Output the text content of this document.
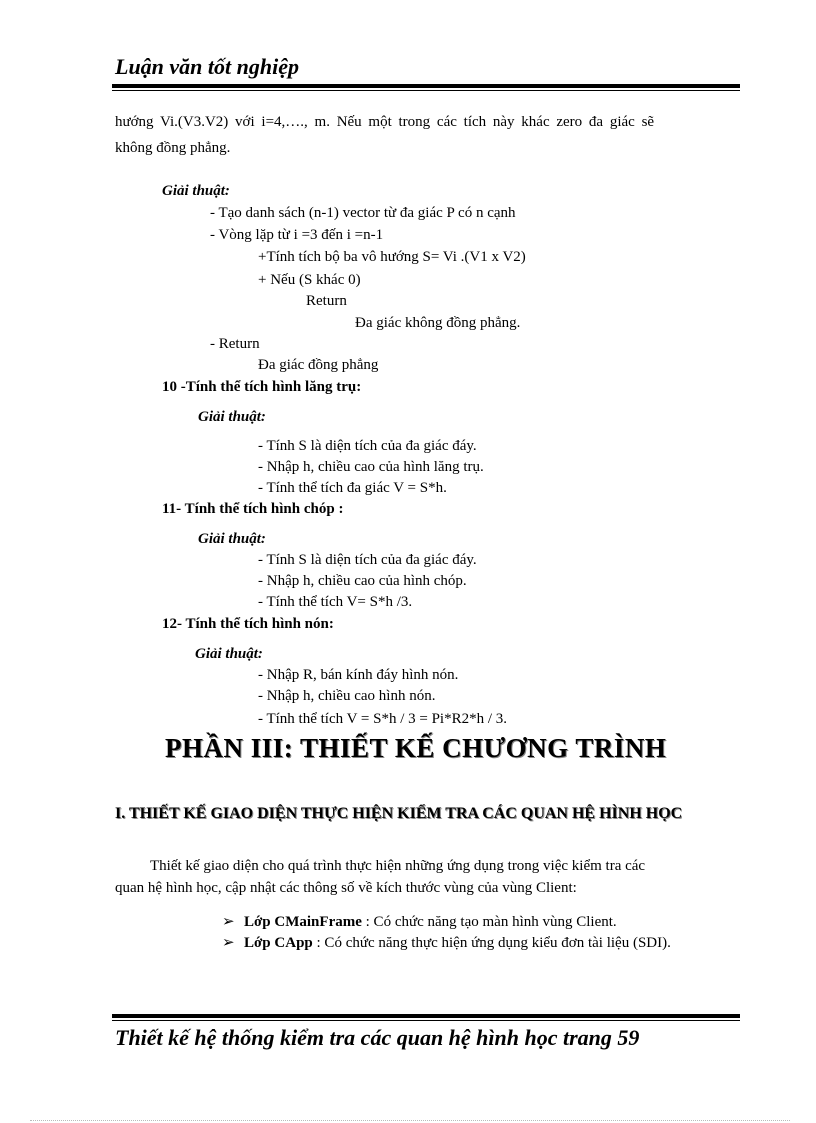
Luận văn tốt nghiệp
hướng Vi.(V3.V2) với i=4,…., m. Nếu một trong các tích này khác zero đa giác sẽ
không đồng phẳng.
Giải thuật:
- Tạo danh sách (n-1) vector từ đa giác P có n cạnh
- Vòng lặp từ i =3 đến i =n-1
+Tính tích bộ ba vô hướng S= Vi .(V1 x V2)
+ Nếu (S khác 0)
Return
Đa giác không đồng phẳng.
- Return
Đa giác đồng phẳng
10 -Tính thể tích hình lăng trụ:
Giải thuật:
- Tính S là diện tích của đa giác đáy.
- Nhập h, chiều cao của hình lăng trụ.
- Tính thể tích đa giác V = S*h.
11- Tính thể tích hình chóp :
Giải thuật:
- Tính S là diện tích của đa giác đáy.
- Nhập h, chiều cao của hình chóp.
- Tính thể tích V= S*h /3.
12- Tính thể tích hình nón:
Giải thuật:
- Nhập R, bán kính đáy hình nón.
- Nhập h, chiều cao hình nón.
- Tính thể tích V = S*h / 3 = Pi*R2*h / 3.
PHẦN III: THIẾT KẾ CHƯƠNG TRÌNH
I. THIẾT KẾ GIAO DIỆN THỰC HIỆN KIỂM TRA CÁC QUAN HỆ HÌNH HỌC
Thiết kế giao diện cho quá trình thực hiện những ứng dụng trong việc kiểm tra các
quan hệ hình học, cập nhật các thông số về kích thước vùng của vùng Client:
➢ Lớp CMainFrame : Có chức năng tạo màn hình vùng Client.
➢ Lớp CApp : Có chức năng thực hiện ứng dụng kiểu đơn tài liệu (SDI).
Thiết kế hệ thống kiểm tra các quan hệ hình học trang 59
